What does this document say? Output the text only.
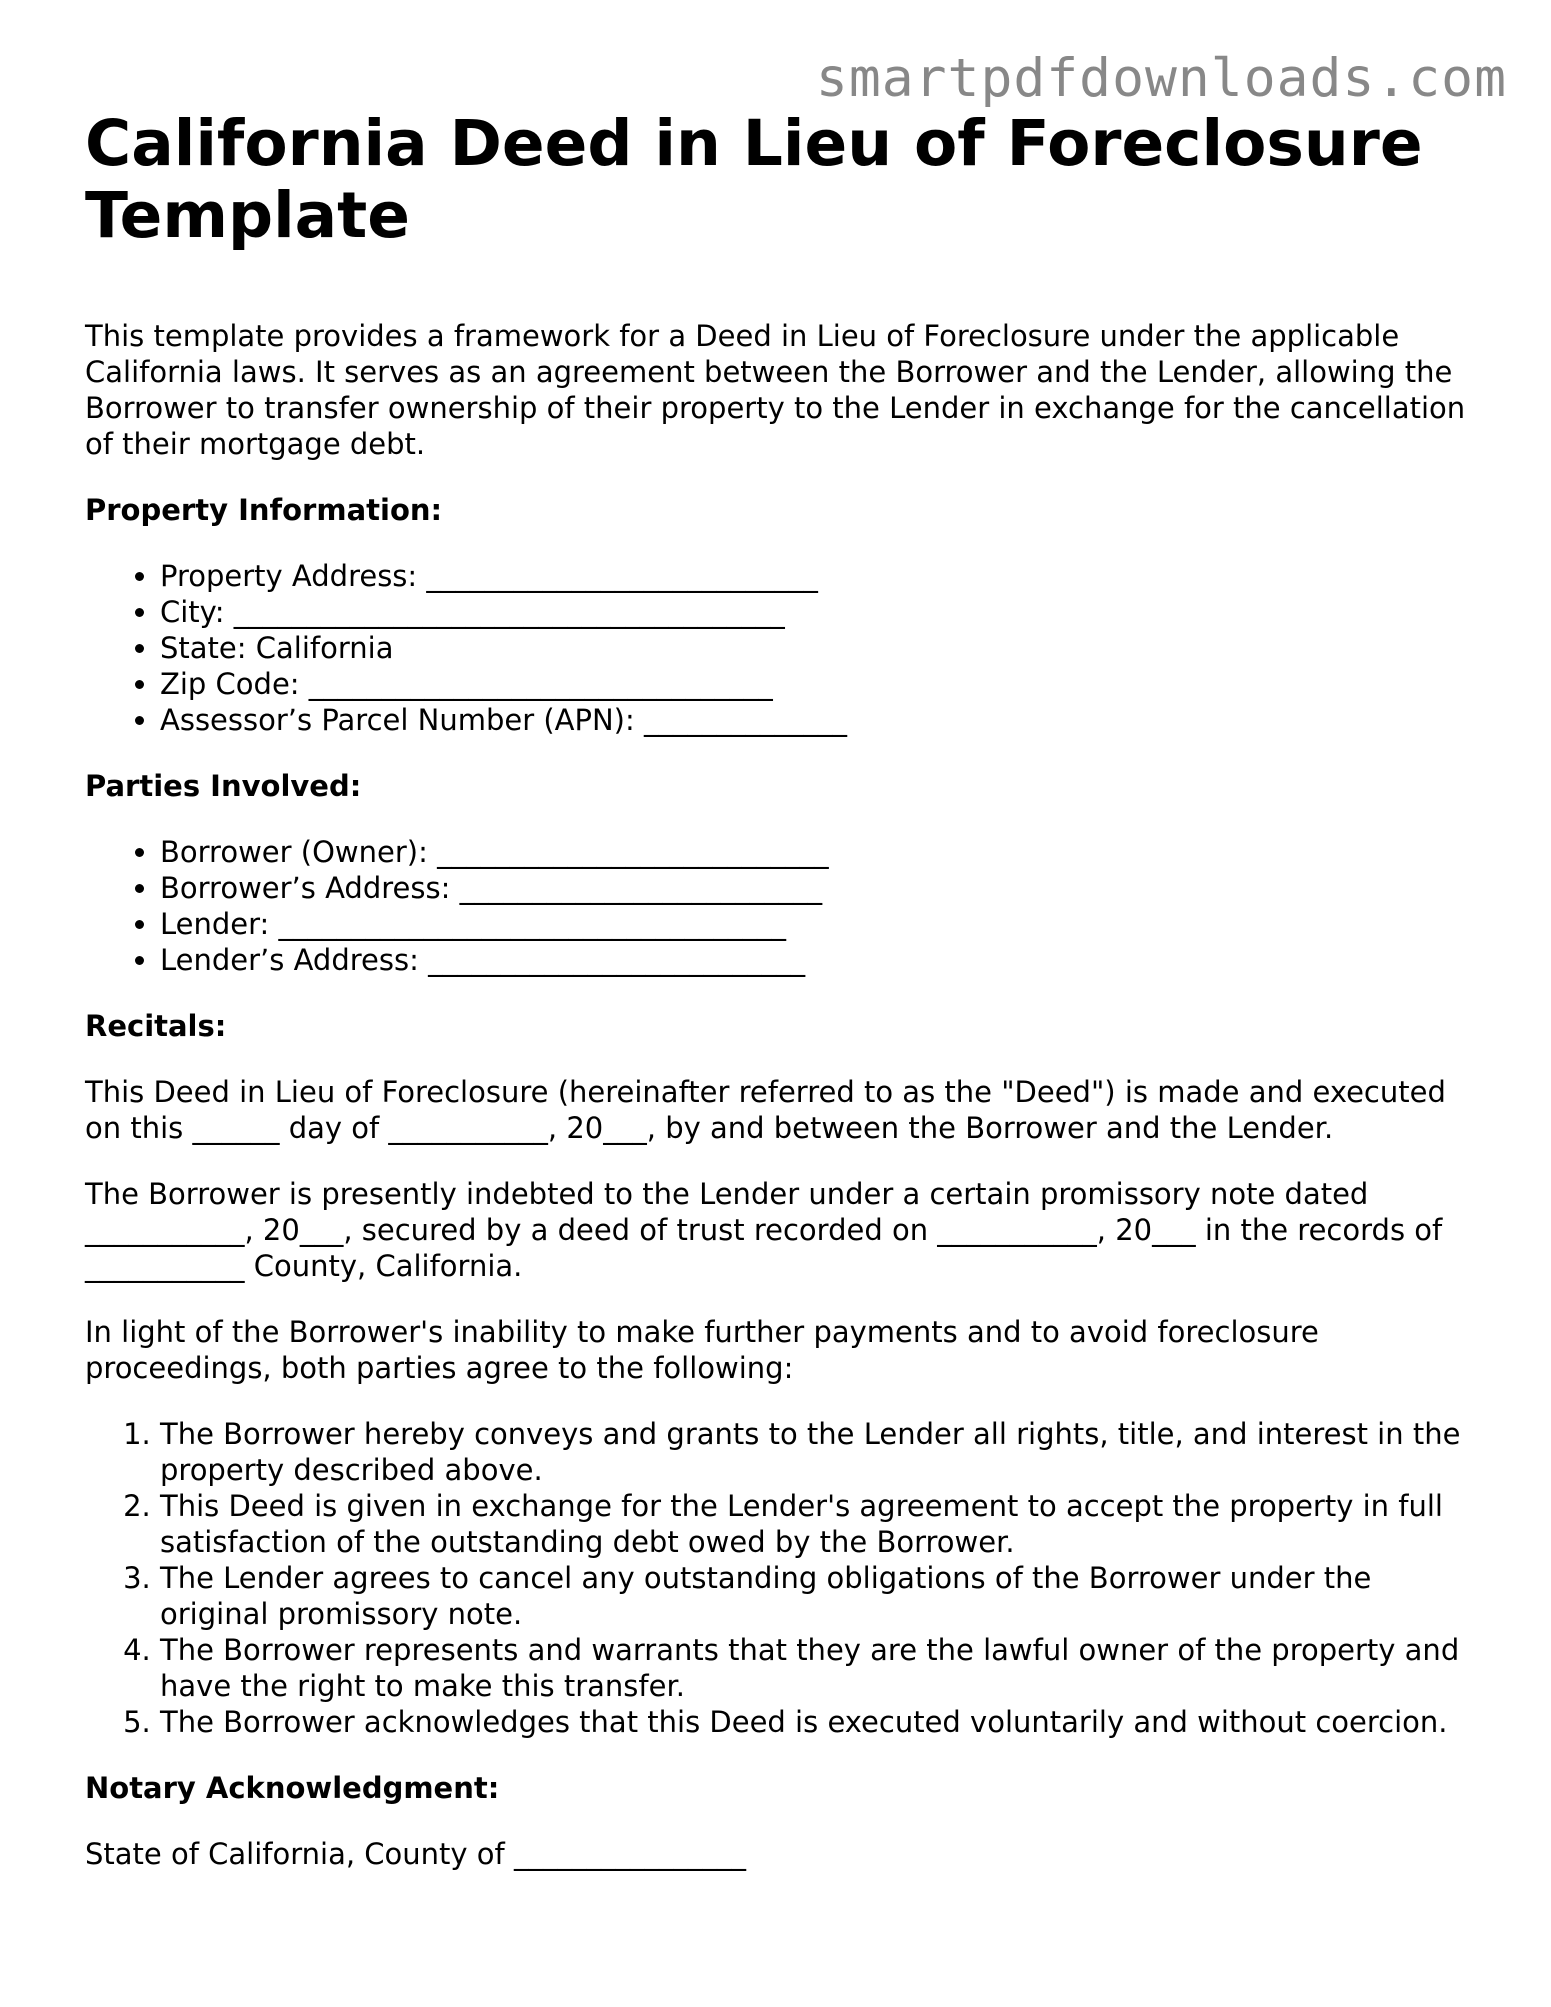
smartpdfdownloads.com
California Deed in Lieu of Foreclosure Template

This template provides a framework for a Deed in Lieu of Foreclosure under the applicable California laws. It serves as an agreement between the Borrower and the Lender, allowing the Borrower to transfer ownership of their property to the Lender in exchange for the cancellation of their mortgage debt.

Property Information:

• Property Address: ___________________________
• City: ______________________________________
• State: California
• Zip Code: ________________________________
• Assessor’s Parcel Number (APN): ______________

Parties Involved:

• Borrower (Owner): ___________________________
• Borrower’s Address: _________________________
• Lender: ___________________________________
• Lender’s Address: __________________________

Recitals:

This Deed in Lieu of Foreclosure (hereinafter referred to as the "Deed") is made and executed on this ______ day of ___________, 20___, by and between the Borrower and the Lender.

The Borrower is presently indebted to the Lender under a certain promissory note dated ___________, 20___, secured by a deed of trust recorded on ___________, 20___ in the records of ___________ County, California.

In light of the Borrower's inability to make further payments and to avoid foreclosure proceedings, both parties agree to the following:

1. The Borrower hereby conveys and grants to the Lender all rights, title, and interest in the property described above.
2. This Deed is given in exchange for the Lender's agreement to accept the property in full satisfaction of the outstanding debt owed by the Borrower.
3. The Lender agrees to cancel any outstanding obligations of the Borrower under the original promissory note.
4. The Borrower represents and warrants that they are the lawful owner of the property and have the right to make this transfer.
5. The Borrower acknowledges that this Deed is executed voluntarily and without coercion.

Notary Acknowledgment:

State of California, County of ________________
